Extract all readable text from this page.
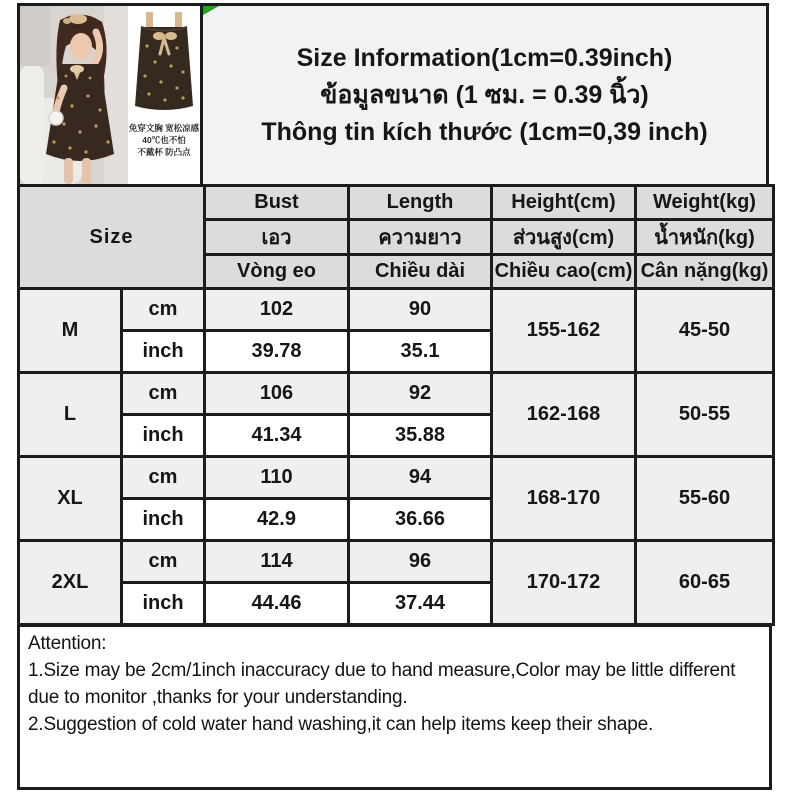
免穿文胸 宽松凉感
40℃也不怕
不戴杯 防凸点
Size Information(1cm=0.39inch)
ข้อมูลขนาด (1 ซม. = 0.39 นิ้ว)
Thông tin kích thước (1cm=0,39 inch)
Size		Bust	Length	Height(cm)	Weight(kg)
		เอว	ความยาว	ส่วนสูง(cm)	น้ำหนัก(kg)
		Vòng eo	Chiều dài	Chiều cao(cm)	Cân nặng(kg)
M	cm	102	90	155-162	45-50
	inch	39.78	35.1		
L	cm	106	92	162-168	50-55
	inch	41.34	35.88		
XL	cm	110	94	168-170	55-60
	inch	42.9	36.66		
2XL	cm	114	96	170-172	60-65
	inch	44.46	37.44		
Attention:
1.Size may be 2cm/1inch inaccuracy due to hand measure,Color may be little different due to monitor ,thanks for your understanding.
2.Suggestion of cold water hand washing,it can help items keep their shape.
